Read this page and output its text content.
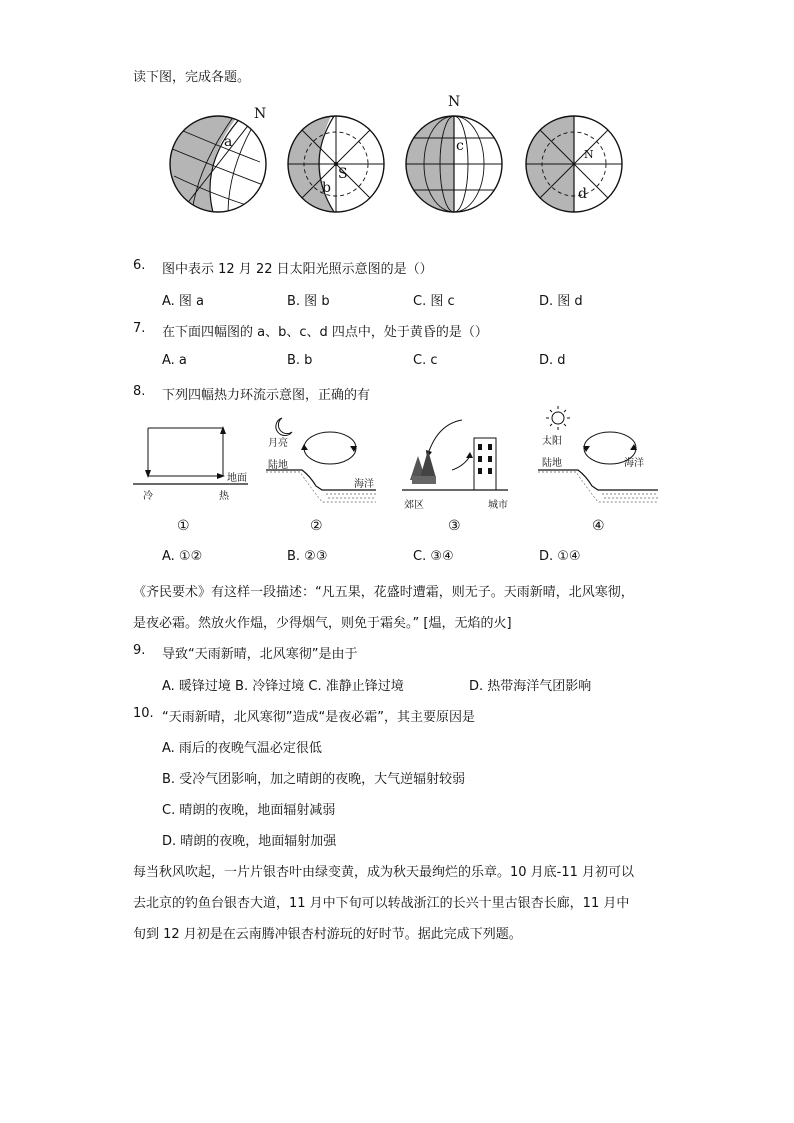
读下图，完成各题。
N
a
S
b
N
c
N
d
6. 图中表示 12 月 22 日太阳光照示意图的是（）
A. 图 a	B. 图 b	C. 图 c	D. 图 d
7. 在下面四幅图的 a、b、c、d 四点中，处于黄昏的是（）
A. a	B. b	C. c	D. d
8. 下列四幅热力环流示意图，正确的有
地面
冷	热
①
月亮
陆地
海洋
②
郊区	城市
③
太阳
陆地	海洋
④
A. ①②	B. ②③	C. ③④	D. ①④
《齐民要术》有这样一段描述：“凡五果，花盛时遭霜，则无子。天雨新晴，北风寒彻，
是夜必霜。然放火作煴，少得烟气，则免于霜矣。” [煴，无焰的火]
9. 导致“天雨新晴，北风寒彻”是由于
A. 暖锋过境 B. 冷锋过境 C. 准静止锋过境	D. 热带海洋气团影响
10. “天雨新晴，北风寒彻”造成“是夜必霜”，其主要原因是
A. 雨后的夜晚气温必定很低
B. 受冷气团影响，加之晴朗的夜晚，大气逆辐射较弱
C. 晴朗的夜晚，地面辐射减弱
D. 晴朗的夜晚，地面辐射加强
每当秋风吹起，一片片银杏叶由绿变黄，成为秋天最绚烂的乐章。10 月底-11 月初可以
去北京的钓鱼台银杏大道，11 月中下旬可以转战浙江的长兴十里古银杏长廊，11 月中
旬到 12 月初是在云南腾冲银杏村游玩的好时节。据此完成下列题。
